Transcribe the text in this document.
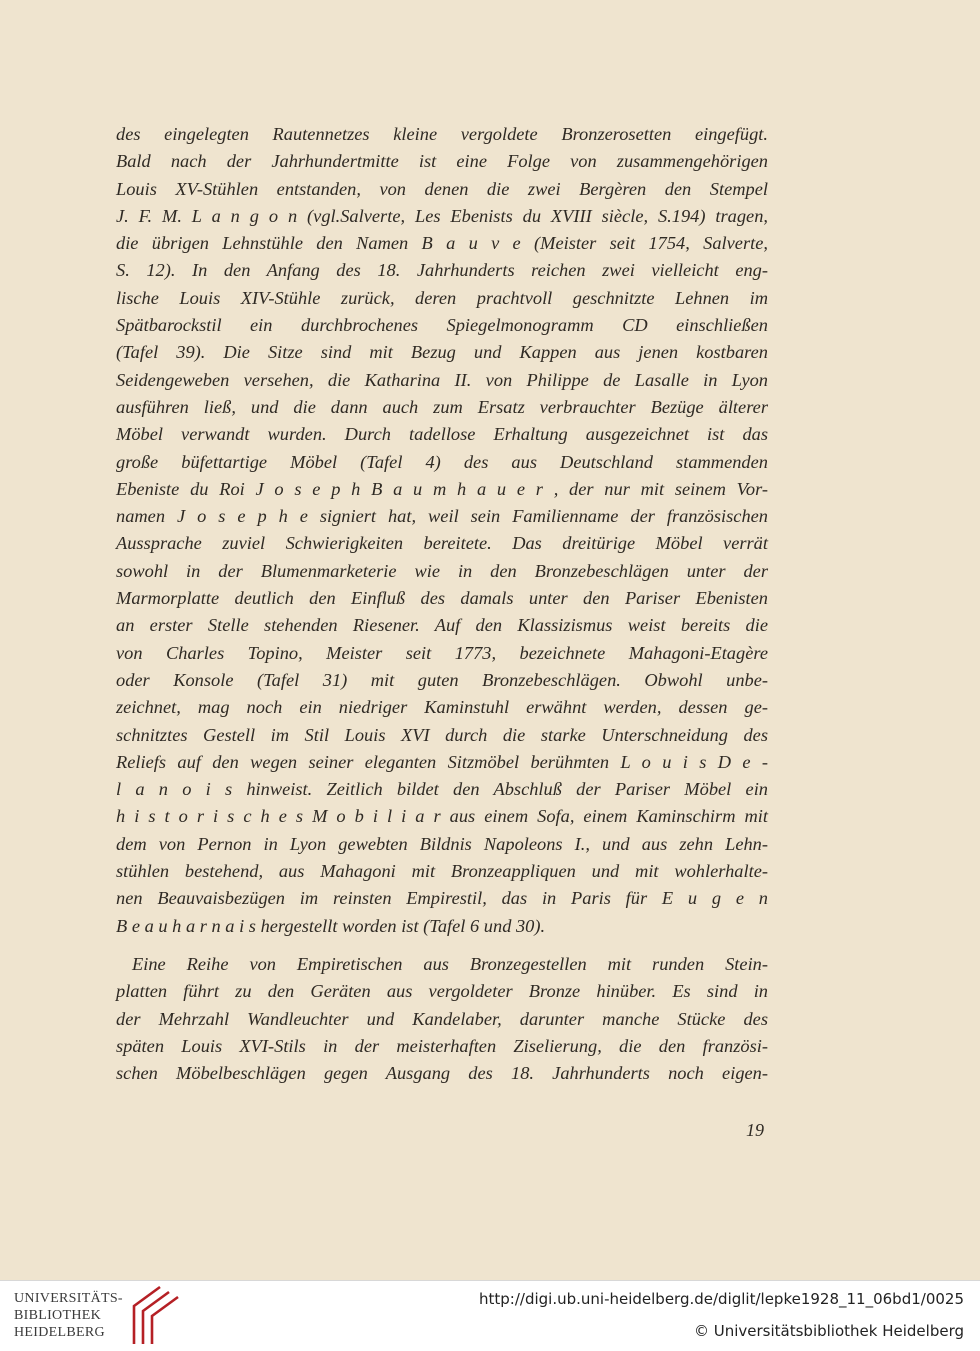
des eingelegten Rautennetzes kleine vergoldete Bronzerosetten eingefügt.
Bald nach der Jahrhundertmitte ist eine Folge von zusammengehörigen
Louis XV-Stühlen entstanden, von denen die zwei Bergèren den Stempel
J. F. M. L a n g o n (vgl.Salverte, Les Ebenists du XVIII siècle, S.194) tragen,
die übrigen Lehnstühle den Namen B a u v e (Meister seit 1754, Salverte,
S. 12). In den Anfang des 18. Jahrhunderts reichen zwei vielleicht eng-
lische Louis XIV-Stühle zurück, deren prachtvoll geschnitzte Lehnen im
Spätbarockstil ein durchbrochenes Spiegelmonogramm CD einschließen
(Tafel 39). Die Sitze sind mit Bezug und Kappen aus jenen kostbaren
Seidengeweben versehen, die Katharina II. von Philippe de Lasalle in Lyon
ausführen ließ, und die dann auch zum Ersatz verbrauchter Bezüge älterer
Möbel verwandt wurden. Durch tadellose Erhaltung ausgezeichnet ist das
große büfettartige Möbel (Tafel 4) des aus Deutschland stammenden
Ebeniste du Roi J o s e p h B a u m h a u e r , der nur mit seinem Vor-
namen J o s e p h e signiert hat, weil sein Familienname der französischen
Aussprache zuviel Schwierigkeiten bereitete. Das dreitürige Möbel verrät
sowohl in der Blumenmarketerie wie in den Bronzebeschlägen unter der
Marmorplatte deutlich den Einfluß des damals unter den Pariser Ebenisten
an erster Stelle stehenden Riesener. Auf den Klassizismus weist bereits die
von Charles Topino, Meister seit 1773, bezeichnete Mahagoni-Etagère
oder Konsole (Tafel 31) mit guten Bronzebeschlägen. Obwohl unbe-
zeichnet, mag noch ein niedriger Kaminstuhl erwähnt werden, dessen ge-
schnitztes Gestell im Stil Louis XVI durch die starke Unterschneidung des
Reliefs auf den wegen seiner eleganten Sitzmöbel berühmten L o u i s D e -
l a n o i s hinweist. Zeitlich bildet den Abschluß der Pariser Möbel ein
h i s t o r i s c h e s M o b i l i a r aus einem Sofa, einem Kaminschirm mit
dem von Pernon in Lyon gewebten Bildnis Napoleons I., und aus zehn Lehn-
stühlen bestehend, aus Mahagoni mit Bronzeappliquen und mit wohlerhalte-
nen Beauvaisbezügen im reinsten Empirestil, das in Paris für E u g e n
B e a u h a r n a i s hergestellt worden ist (Tafel 6 und 30).
Eine Reihe von Empiretischen aus Bronzegestellen mit runden Stein-
platten führt zu den Geräten aus vergoldeter Bronze hinüber. Es sind in
der Mehrzahl Wandleuchter und Kandelaber, darunter manche Stücke des
späten Louis XVI-Stils in der meisterhaften Ziselierung, die den französi-
schen Möbelbeschlägen gegen Ausgang des 18. Jahrhunderts noch eigen-
19
UNIVERSITÄTS-
BIBLIOTHEK
HEIDELBERG
http://digi.ub.uni-heidelberg.de/diglit/lepke1928_11_06bd1/0025
© Universitätsbibliothek Heidelberg
